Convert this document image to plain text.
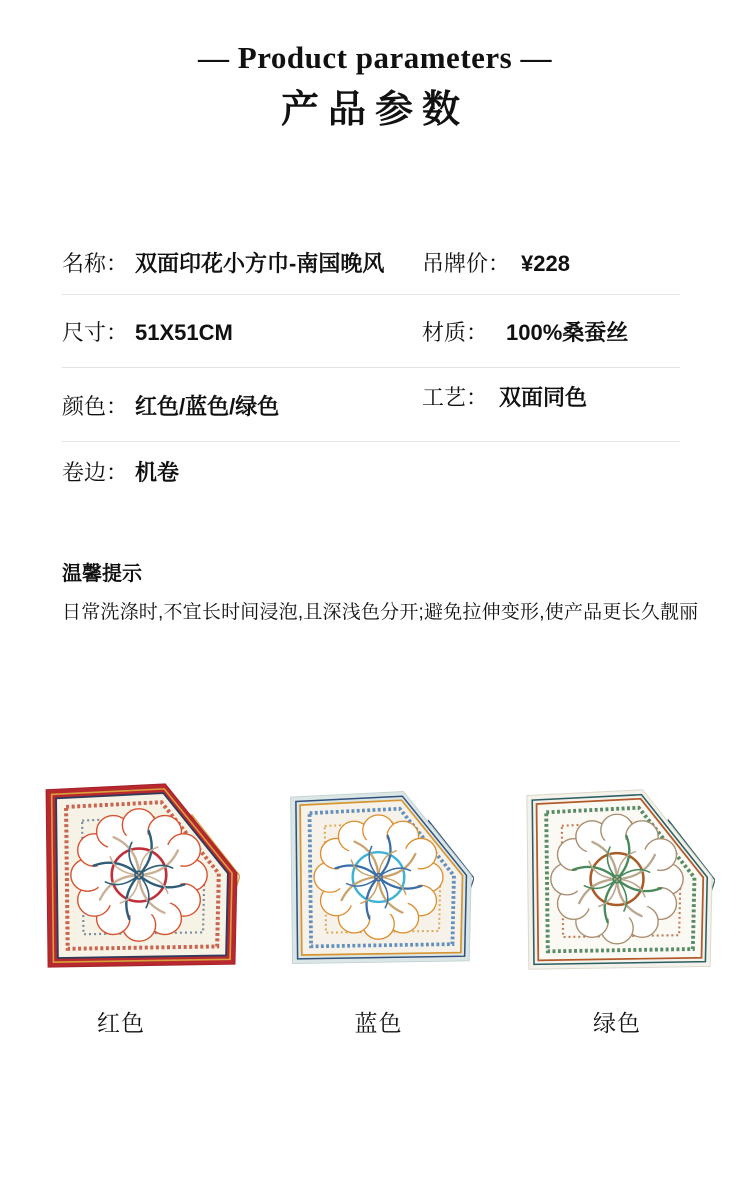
— Product parameters —
产品参数
名称： 双面印花小方巾-南国晚风 吊牌价： ¥228
尺寸： 51X51CM	材质： 100%桑蚕丝
颜色： 红色/蓝色/绿色	工艺： 双面同色
卷边： 机卷
温馨提示
日常洗涤时,不宜长时间浸泡,且深浅色分开;避免拉伸变形,使产品更长久靓丽
红色	蓝色	绿色
